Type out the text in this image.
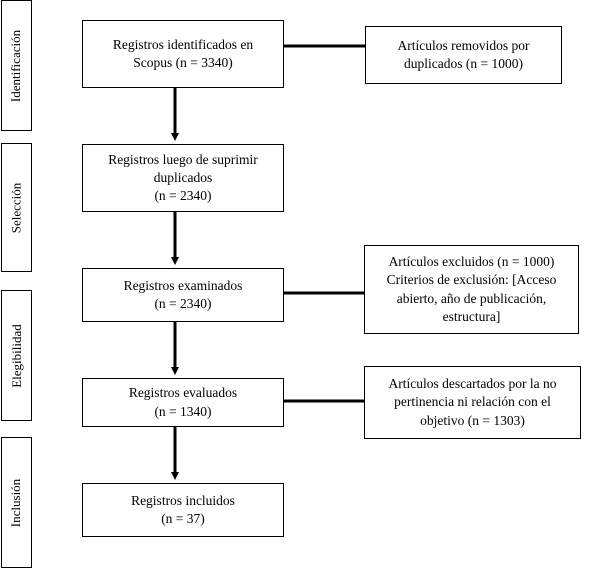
Identificación
Selección
Elegibilidad
Inclusión
Registros identificados en
Scopus (n = 3340)
Registros luego de suprimir
duplicados
(n = 2340)
Registros examinados
(n = 2340)
Registros evaluados
(n = 1340)
Registros incluidos
(n = 37)
Artículos removidos por
duplicados (n = 1000)
Artículos excluidos (n = 1000)
Criterios de exclusión: [Acceso
abierto, año de publicación,
estructura]
Artículos descartados por la no
pertinencia ni relación con el
objetivo (n = 1303)
